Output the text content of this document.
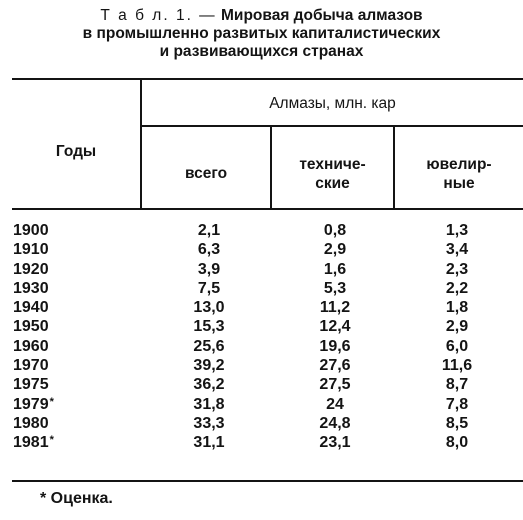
Т а б л. 1. — Мировая добыча алмазов
в промышленно развитых капиталистических
и развивающихся странах
Годы
Алмазы, млн. кар
всего
техниче-
ские
ювелир-
ные
1900	2,1	0,8	1,3
1910	6,3	2,9	3,4
1920	3,9	1,6	2,3
1930	7,5	5,3	2,2
1940	13,0	11,2	1,8
1950	15,3	12,4	2,9
1960	25,6	19,6	6,0
1970	39,2	27,6	11,6
1975	36,2	27,5	8,7
1979*	31,8	24	7,8
1980	33,3	24,8	8,5
1981*	31,1	23,1	8,0
* Оценка.
